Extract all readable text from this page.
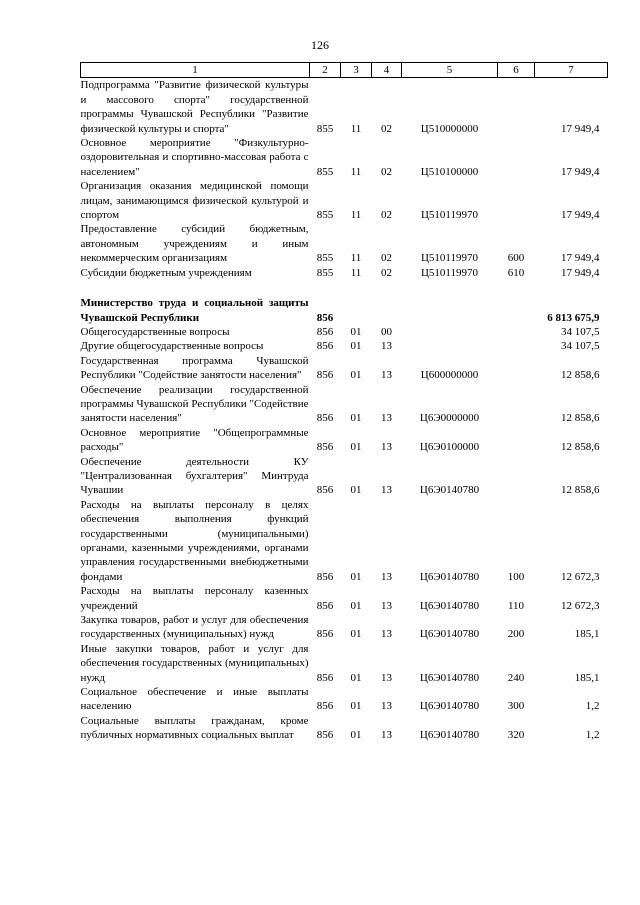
126
1	2	3	4	5	6	7
Подпрограмма "Развитие физической культуры и массового спорта" государственной программы Чувашской Республики "Развитие физической культуры и спорта"	855	11	02	Ц510000000		17 949,4
Основное мероприятие "Физкультурно-оздоровительная и спортивно-массовая работа с населением"	855	11	02	Ц510100000		17 949,4
Организация оказания медицинской помощи лицам, занимающимся физической культурой и спортом	855	11	02	Ц510119970		17 949,4
Предоставление субсидий бюджетным, автономным учреждениям и иным некоммерческим организациям	855	11	02	Ц510119970	600	17 949,4
Субсидии бюджетным учреждениям	855	11	02	Ц510119970	610	17 949,4

Министерство труда и социальной защиты Чувашской Республики	856					6 813 675,9
Общегосударственные вопросы	856	01	00			34 107,5
Другие общегосударственные вопросы	856	01	13			34 107,5
Государственная программа Чувашской Республики "Содействие занятости населения"	856	01	13	Ц600000000		12 858,6
Обеспечение реализации государственной программы Чувашской Республики "Содействие занятости населения"	856	01	13	Ц6Э0000000		12 858,6
Основное мероприятие "Общепрограммные расходы"	856	01	13	Ц6Э0100000		12 858,6
Обеспечение деятельности КУ "Централизованная бухгалтерия" Минтруда Чувашии	856	01	13	Ц6Э0140780		12 858,6
Расходы на выплаты персоналу в целях обеспечения выполнения функций государственными (муниципальными) органами, казенными учреждениями, органами управления государственными внебюджетными фондами	856	01	13	Ц6Э0140780	100	12 672,3
Расходы на выплаты персоналу казенных учреждений	856	01	13	Ц6Э0140780	110	12 672,3
Закупка товаров, работ и услуг для обеспечения государственных (муниципальных) нужд	856	01	13	Ц6Э0140780	200	185,1
Иные закупки товаров, работ и услуг для обеспечения государственных (муниципальных) нужд	856	01	13	Ц6Э0140780	240	185,1
Социальное обеспечение и иные выплаты населению	856	01	13	Ц6Э0140780	300	1,2
Социальные выплаты гражданам, кроме публичных нормативных социальных выплат	856	01	13	Ц6Э0140780	320	1,2
